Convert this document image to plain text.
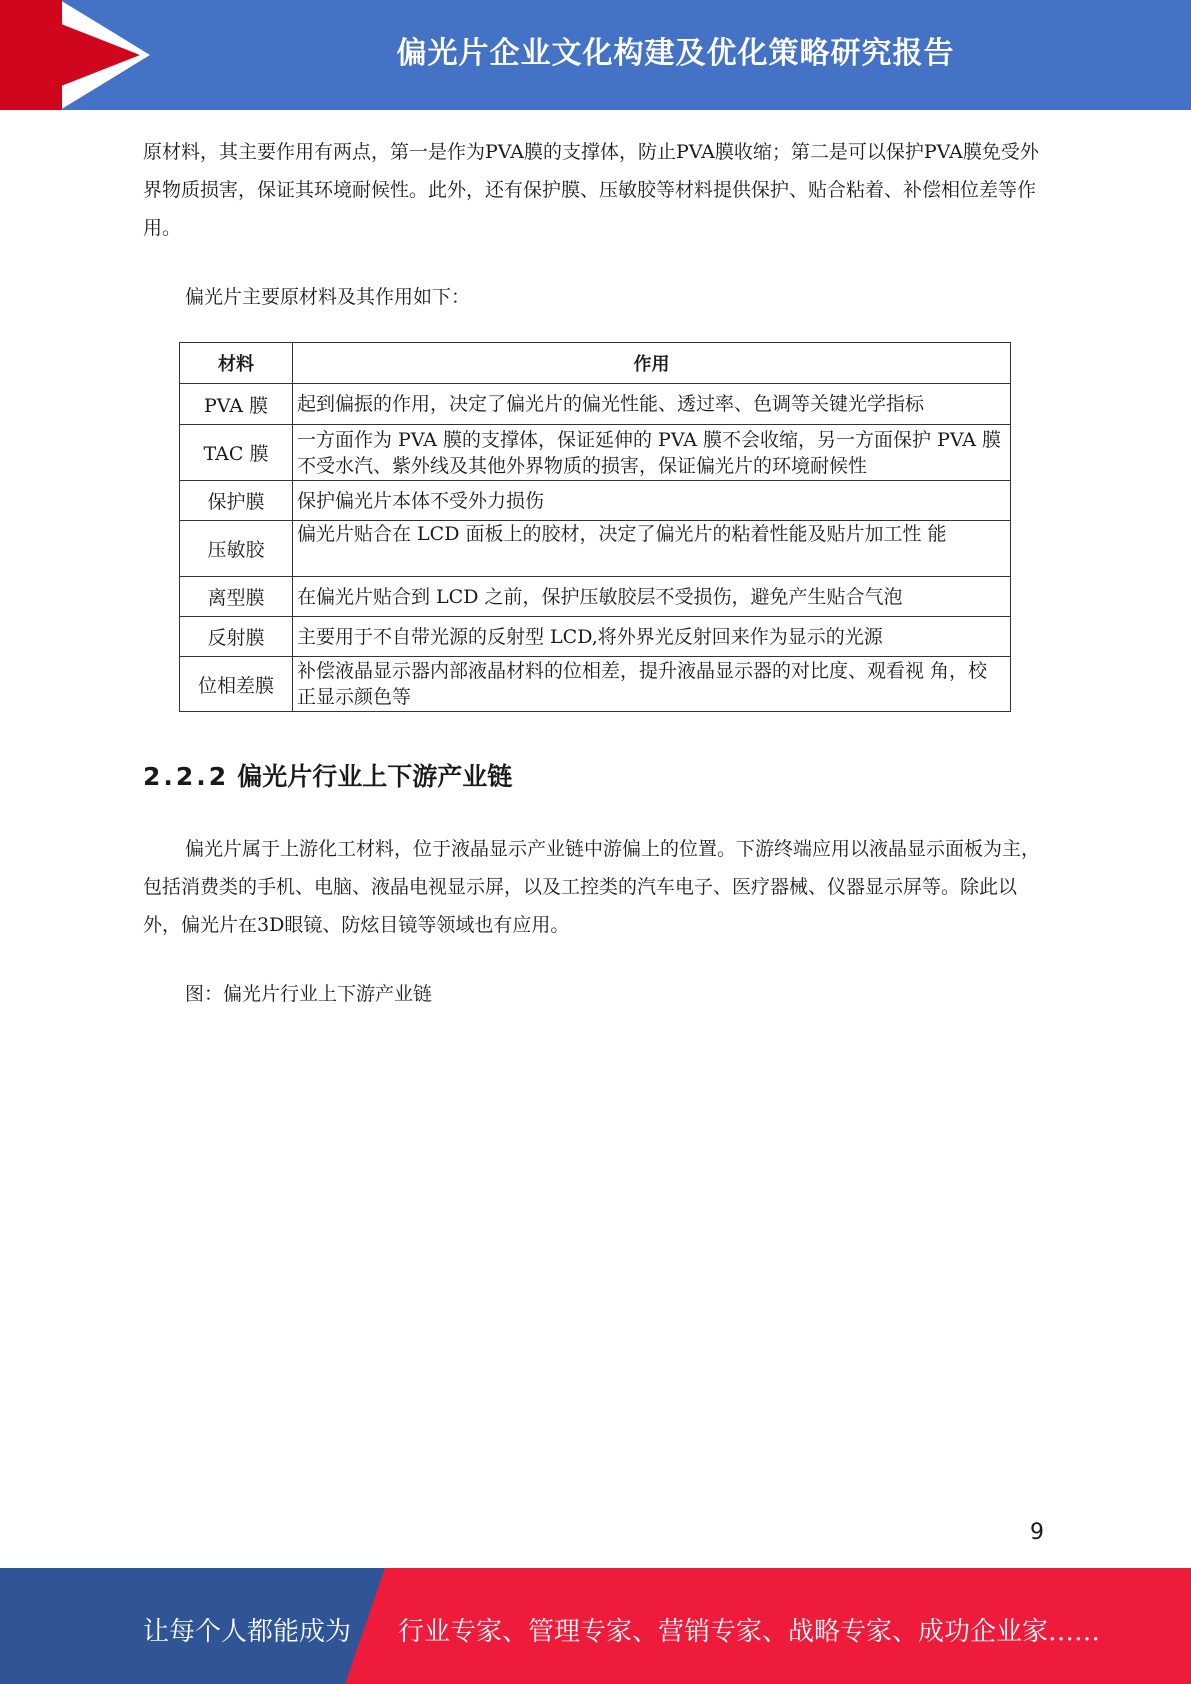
偏光片企业文化构建及优化策略研究报告

原材料，其主要作用有两点，第一是作为PVA膜的支撑体，防止PVA膜收缩；第二是可以保护PVA膜免受外界物质损害，保证其环境耐候性。此外，还有保护膜、压敏胶等材料提供保护、贴合粘着、补偿相位差等作用。

偏光片主要原材料及其作用如下：

材料	作用
PVA 膜	起到偏振的作用，决定了偏光片的偏光性能、透过率、色调等关键光学指标
TAC 膜	一方面作为 PVA 膜的支撑体，保证延伸的 PVA 膜不会收缩，另一方面保护 PVA 膜不受水汽、紫外线及其他外界物质的损害，保证偏光片的环境耐候性
保护膜	保护偏光片本体不受外力损伤
压敏胶	偏光片贴合在 LCD 面板上的胶材，决定了偏光片的粘着性能及贴片加工性 能
离型膜	在偏光片贴合到 LCD 之前，保护压敏胶层不受损伤，避免产生贴合气泡
反射膜	主要用于不自带光源的反射型 LCD,将外界光反射回来作为显示的光源
位相差膜	补偿液晶显示器内部液晶材料的位相差，提升液晶显示器的对比度、观看视 角，校正显示颜色等
2.2.2 偏光片行业上下游产业链

偏光片属于上游化工材料，位于液晶显示产业链中游偏上的位置。下游终端应用以液晶显示面板为主，包括消费类的手机、电脑、液晶电视显示屏，以及工控类的汽车电子、医疗器械、仪器显示屏等。除此以外，偏光片在3D眼镜、防炫目镜等领域也有应用。

图：偏光片行业上下游产业链

9
让每个人都能成为 行业专家、管理专家、营销专家、战略专家、成功企业家……
